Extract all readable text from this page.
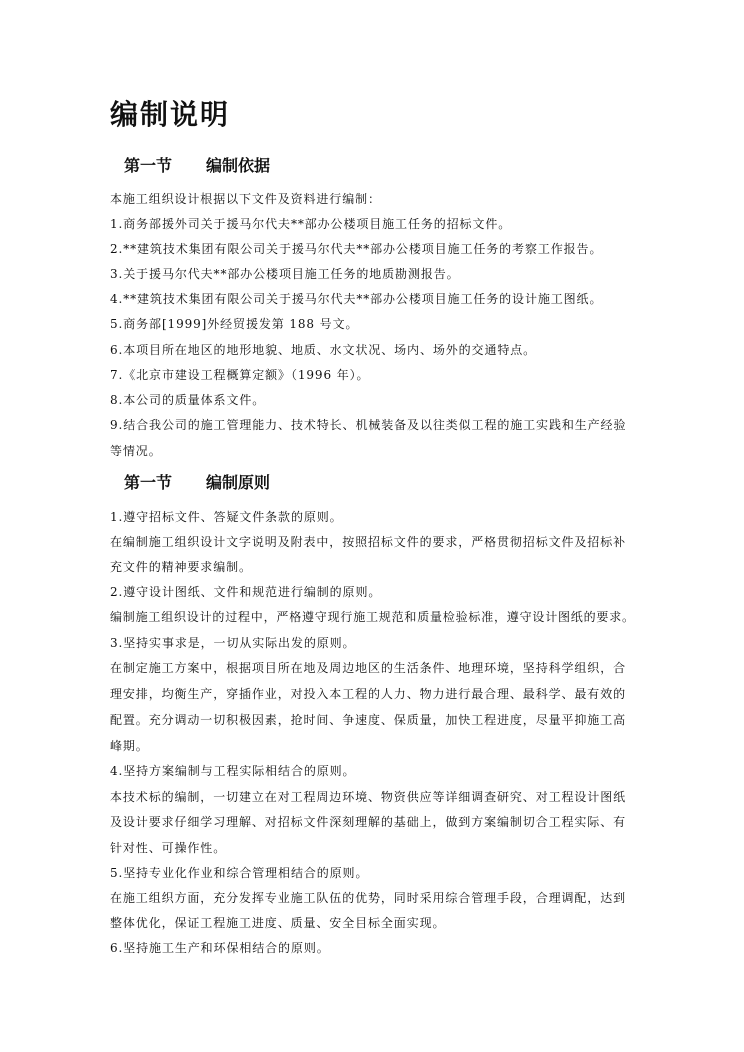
编制说明
第一节 编制依据
本施工组织设计根据以下文件及资料进行编制：
1.商务部援外司关于援马尔代夫**部办公楼项目施工任务的招标文件。
2.**建筑技术集团有限公司关于援马尔代夫**部办公楼项目施工任务的考察工作报告。
3.关于援马尔代夫**部办公楼项目施工任务的地质勘测报告。
4.**建筑技术集团有限公司关于援马尔代夫**部办公楼项目施工任务的设计施工图纸。
5.商务部[1999]外经贸援发第 188 号文。
6.本项目所在地区的地形地貌、地质、水文状况、场内、场外的交通特点。
7.《北京市建设工程概算定额》（1996 年）。
8.本公司的质量体系文件。
9.结合我公司的施工管理能力、技术特长、机械装备及以往类似工程的施工实践和生产经验
等情况。
第一节 编制原则
1.遵守招标文件、答疑文件条款的原则。
在编制施工组织设计文字说明及附表中，按照招标文件的要求，严格贯彻招标文件及招标补
充文件的精神要求编制。
2.遵守设计图纸、文件和规范进行编制的原则。
编制施工组织设计的过程中，严格遵守现行施工规范和质量检验标准，遵守设计图纸的要求。
3.坚持实事求是，一切从实际出发的原则。
在制定施工方案中，根据项目所在地及周边地区的生活条件、地理环境，坚持科学组织，合
理安排，均衡生产，穿插作业，对投入本工程的人力、物力进行最合理、最科学、最有效的
配置。充分调动一切积极因素，抢时间、争速度、保质量，加快工程进度，尽量平抑施工高
峰期。
4.坚持方案编制与工程实际相结合的原则。
本技术标的编制，一切建立在对工程周边环境、物资供应等详细调查研究、对工程设计图纸
及设计要求仔细学习理解、对招标文件深刻理解的基础上，做到方案编制切合工程实际、有
针对性、可操作性。
5.坚持专业化作业和综合管理相结合的原则。
在施工组织方面，充分发挥专业施工队伍的优势，同时采用综合管理手段，合理调配，达到
整体优化，保证工程施工进度、质量、安全目标全面实现。
6.坚持施工生产和环保相结合的原则。
